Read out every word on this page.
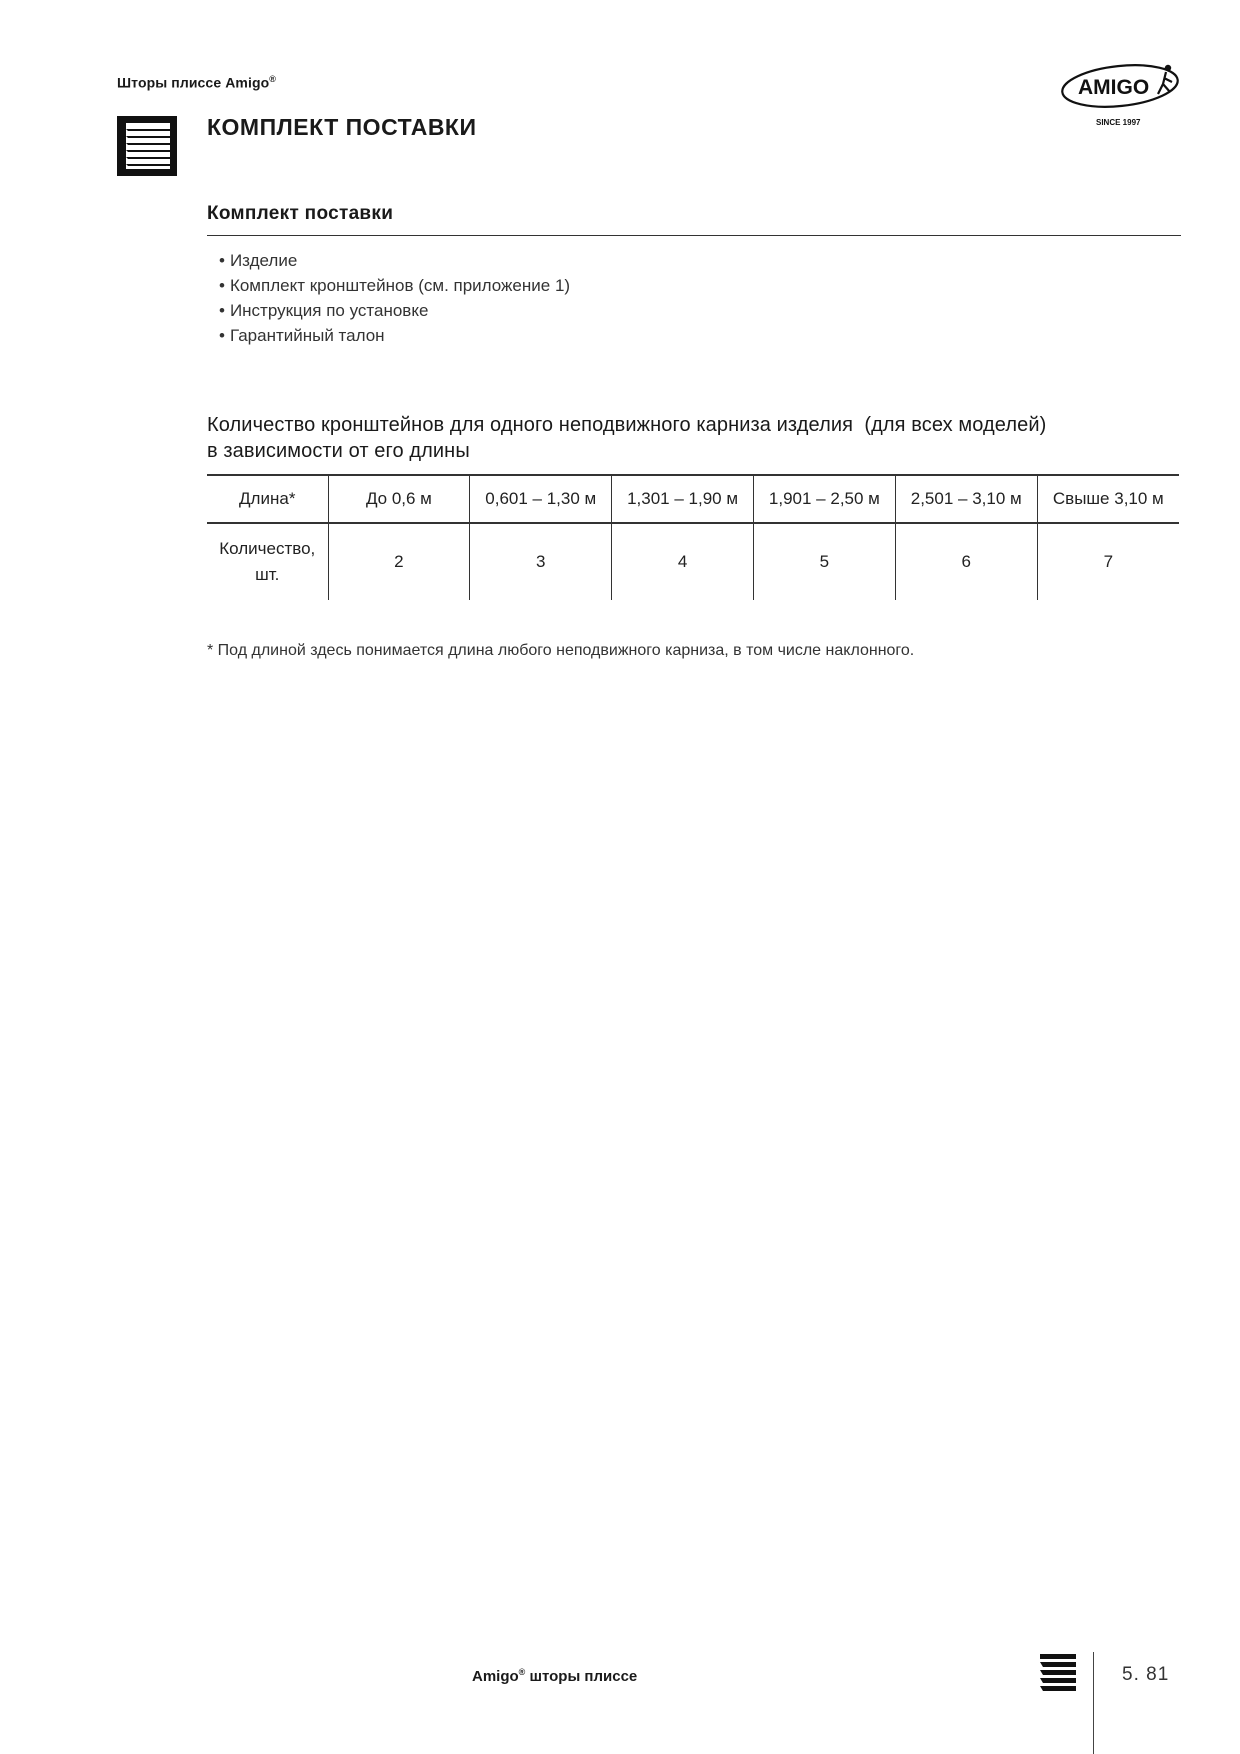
Шторы плиссе Amigo®
КОМПЛЕКТ ПОСТАВКИ
AMIGO
SINCE 1997
Комплект поставки
• Изделие
• Комплект кронштейнов (см. приложение 1)
• Инструкция по установке
• Гарантийный талон
Количество кронштейнов для одного неподвижного карниза изделия  (для всех моделей)
в зависимости от его длины
Длина*	До 0,6 м	0,601 – 1,30 м	1,301 – 1,90 м	1,901 – 2,50 м	2,501 – 3,10 м	Свыше 3,10 м

Количество,
шт.	2	3	4	5	6	7
* Под длиной здесь понимается длина любого неподвижного карниза, в том числе наклонного.
Amigo® шторы плиссе	5. 81
